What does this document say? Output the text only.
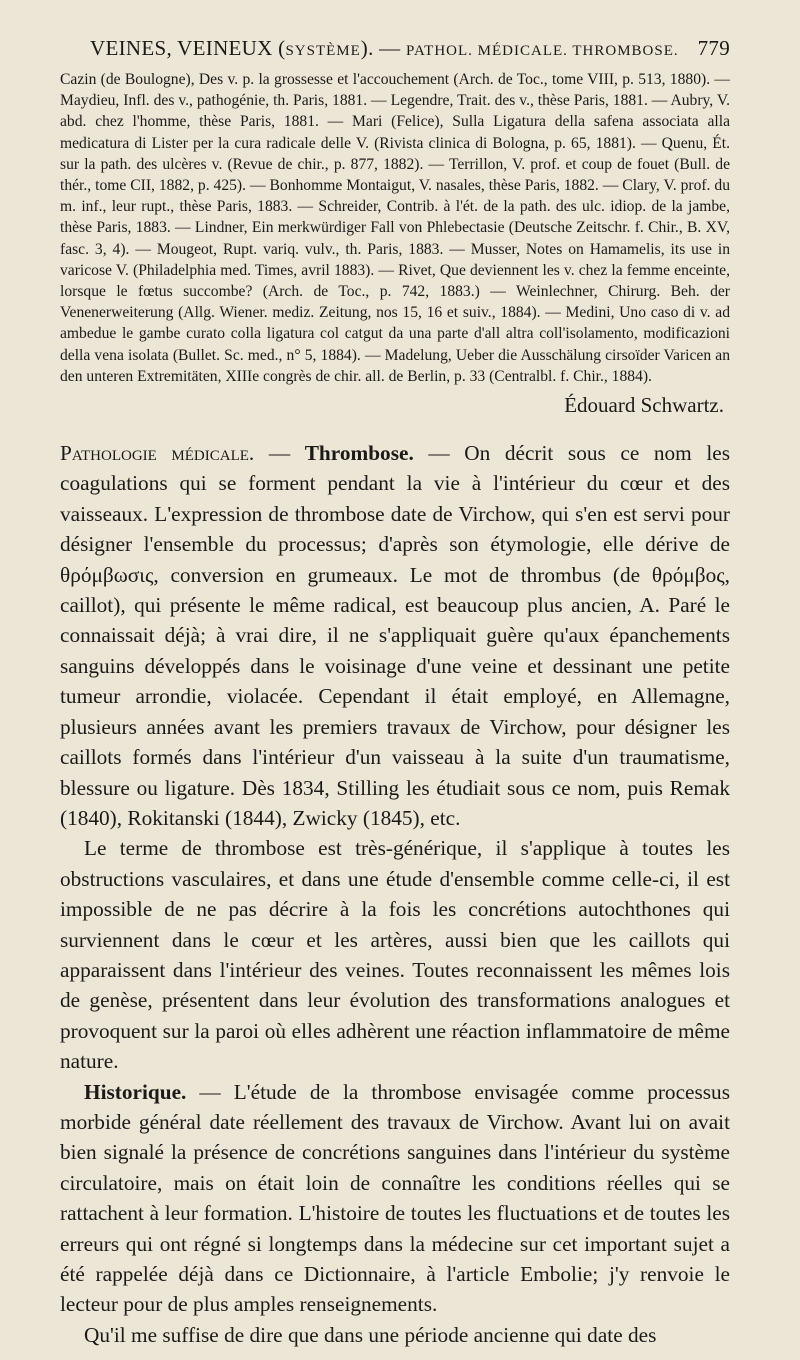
VEINES, VEINEUX (SYSTÈME). — PATHOL. MÉDICALE. THROMBOSE. 779

Cazin (de Boulogne), Des v. p. la grossesse et l'accouchement (Arch. de Toc., tome VIII, p. 513, 1880). — Maydieu, Infl. des v., pathogénie, th. Paris, 1881. — Legendre, Trait. des v., thèse Paris, 1881. — Aubry, V. abd. chez l'homme, thèse Paris, 1881. — Mari (Felice), Sulla Ligatura della safena associata alla medicatura di Lister per la cura radicale delle V. (Rivista clinica di Bologna, p. 65, 1881). — Quenu, Ét. sur la path. des ulcères v. (Revue de chir., p. 877, 1882). — Terrillon, V. prof. et coup de fouet (Bull. de thér., tome CII, 1882, p. 425). — Bonhomme Montaigut, V. nasales, thèse Paris, 1882. — Clary, V. prof. du m. inf., leur rupt., thèse Paris, 1883. — Schreider, Contrib. à l'ét. de la path. des ulc. idiop. de la jambe, thèse Paris, 1883. — Lindner, Ein merkwürdiger Fall von Phlebectasie (Deutsche Zeitschr. f. Chir., B. XV, fasc. 3, 4). — Mougeot, Rupt. variq. vulv., th. Paris, 1883. — Musser, Notes on Hamamelis, its use in varicose V. (Philadelphia med. Times, avril 1883). — Rivet, Que deviennent les v. chez la femme enceinte, lorsque le fœtus succombe? (Arch. de Toc., p. 742, 1883.) — Weinlechner, Chirurg. Beh. der Venenerweiterung (Allg. Wiener. mediz. Zeitung, nos 15, 16 et suiv., 1884). — Medini, Uno caso di v. ad ambedue le gambe curato colla ligatura col catgut da una parte d'all altra coll'isolamento, modificazioni della vena isolata (Bullet. Sc. med., n° 5, 1884). — Madelung, Ueber die Ausschälung cirsoïder Varicen an den unteren Extremitäten, XIIIe congrès de chir. all. de Berlin, p. 33 (Centralbl. f. Chir., 1884).

Édouard Schwartz.

Pathologie médicale. — Thrombose. — On décrit sous ce nom les coagulations qui se forment pendant la vie à l'intérieur du cœur et des vaisseaux. L'expression de thrombose date de Virchow, qui s'en est servi pour désigner l'ensemble du processus; d'après son étymologie, elle dérive de θρόμβωσις, conversion en grumeaux. Le mot de thrombus (de θρόμβος, caillot), qui présente le même radical, est beaucoup plus ancien, A. Paré le connaissait déjà; à vrai dire, il ne s'appliquait guère qu'aux épanchements sanguins développés dans le voisinage d'une veine et dessinant une petite tumeur arrondie, violacée. Cependant il était employé, en Allemagne, plusieurs années avant les premiers travaux de Virchow, pour désigner les caillots formés dans l'intérieur d'un vaisseau à la suite d'un traumatisme, blessure ou ligature. Dès 1834, Stilling les étudiait sous ce nom, puis Remak (1840), Rokitanski (1844), Zwicky (1845), etc.

Le terme de thrombose est très-générique, il s'applique à toutes les obstructions vasculaires, et dans une étude d'ensemble comme celle-ci, il est impossible de ne pas décrire à la fois les concrétions autochthones qui surviennent dans le cœur et les artères, aussi bien que les caillots qui apparaissent dans l'intérieur des veines. Toutes reconnaissent les mêmes lois de genèse, présentent dans leur évolution des transformations analogues et provoquent sur la paroi où elles adhèrent une réaction inflammatoire de même nature.

Historique. — L'étude de la thrombose envisagée comme processus morbide général date réellement des travaux de Virchow. Avant lui on avait bien signalé la présence de concrétions sanguines dans l'intérieur du système circulatoire, mais on était loin de connaître les conditions réelles qui se rattachent à leur formation. L'histoire de toutes les fluctuations et de toutes les erreurs qui ont régné si longtemps dans la médecine sur cet important sujet a été rappelée déjà dans ce Dictionnaire, à l'article Embolie; j'y renvoie le lecteur pour de plus amples renseignements.

Qu'il me suffise de dire que dans une période ancienne qui date des
